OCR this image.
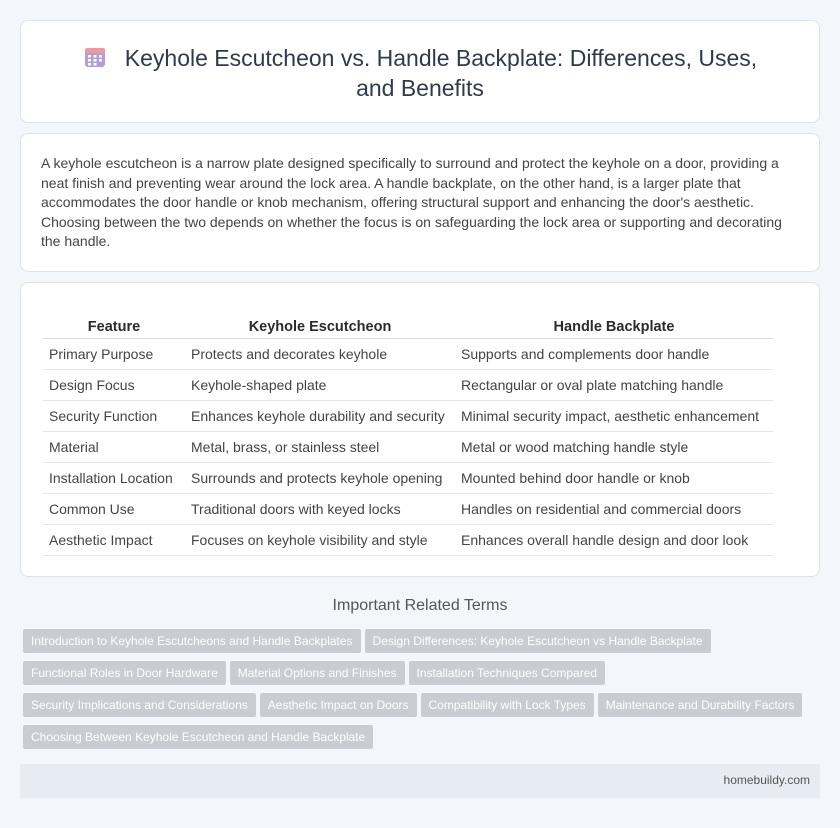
Keyhole Escutcheon vs. Handle Backplate: Differences, Uses, and Benefits

A keyhole escutcheon is a narrow plate designed specifically to surround and protect the keyhole on a door, providing a neat finish and preventing wear around the lock area. A handle backplate, on the other hand, is a larger plate that accommodates the door handle or knob mechanism, offering structural support and enhancing the door's aesthetic. Choosing between the two depends on whether the focus is on safeguarding the lock area or supporting and decorating the handle.

Feature	Keyhole Escutcheon	Handle Backplate
Primary Purpose	Protects and decorates keyhole	Supports and complements door handle
Design Focus	Keyhole-shaped plate	Rectangular or oval plate matching handle
Security Function	Enhances keyhole durability and security	Minimal security impact, aesthetic enhancement
Material	Metal, brass, or stainless steel	Metal or wood matching handle style
Installation Location	Surrounds and protects keyhole opening	Mounted behind door handle or knob
Common Use	Traditional doors with keyed locks	Handles on residential and commercial doors
Aesthetic Impact	Focuses on keyhole visibility and style	Enhances overall handle design and door look
Important Related Terms
Introduction to Keyhole Escutcheons and Handle Backplates Design Differences: Keyhole Escutcheon vs Handle Backplate
Functional Roles in Door Hardware Material Options and Finishes Installation Techniques Compared
Security Implications and Considerations Aesthetic Impact on Doors Compatibility with Lock Types Maintenance and Durability Factors
Choosing Between Keyhole Escutcheon and Handle Backplate
homebuildy.com
